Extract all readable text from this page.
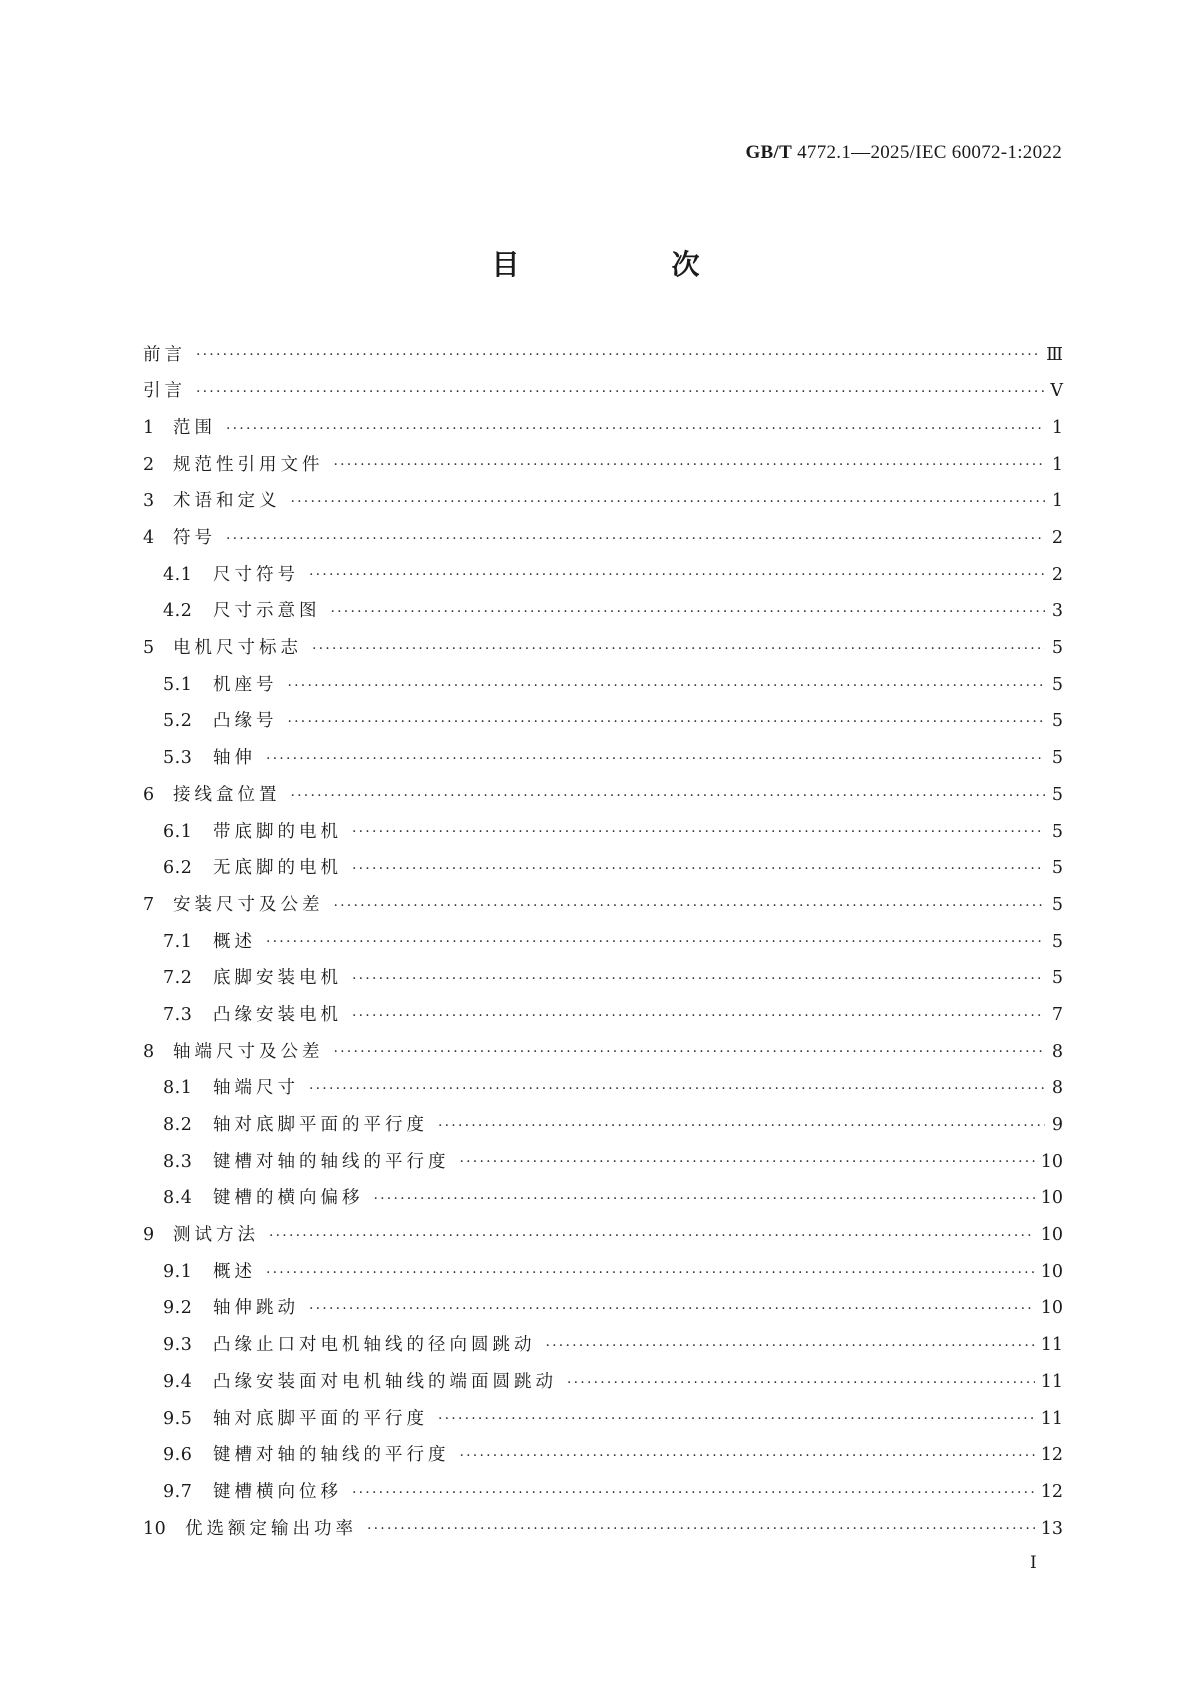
GB/T 4772.1—2025/IEC 60072-1:2022
目　次
前言 ·····	Ⅲ
引言 ·····	Ⅴ
1	范围 ·····	1
2	规范性引用文件 ·····	1
3	术语和定义 ·····	1
4	符号 ·····	2
4.1	尺寸符号 ·····	2
4.2	尺寸示意图 ·····	3
5	电机尺寸标志 ·····	5
5.1	机座号 ·····	5
5.2	凸缘号 ·····	5
5.3	轴伸 ·····	5
6	接线盒位置 ·····	5
6.1	带底脚的电机 ·····	5
6.2	无底脚的电机 ·····	5
7	安装尺寸及公差 ·····	5
7.1	概述 ·····	5
7.2	底脚安装电机 ·····	5
7.3	凸缘安装电机 ·····	7
8	轴端尺寸及公差 ·····	8
8.1	轴端尺寸 ·····	8
8.2	轴对底脚平面的平行度 ·····	9
8.3	键槽对轴的轴线的平行度 ·····	10
8.4	键槽的横向偏移 ·····	10
9	测试方法 ·····	10
9.1	概述 ·····	10
9.2	轴伸跳动 ·····	10
9.3	凸缘止口对电机轴线的径向圆跳动 ·····	11
9.4	凸缘安装面对电机轴线的端面圆跳动 ·····	11
9.5	轴对底脚平面的平行度 ·····	11
9.6	键槽对轴的轴线的平行度 ·····	12
9.7	键槽横向位移 ·····	12
10	优选额定输出功率 ·····	13
Ⅰ
